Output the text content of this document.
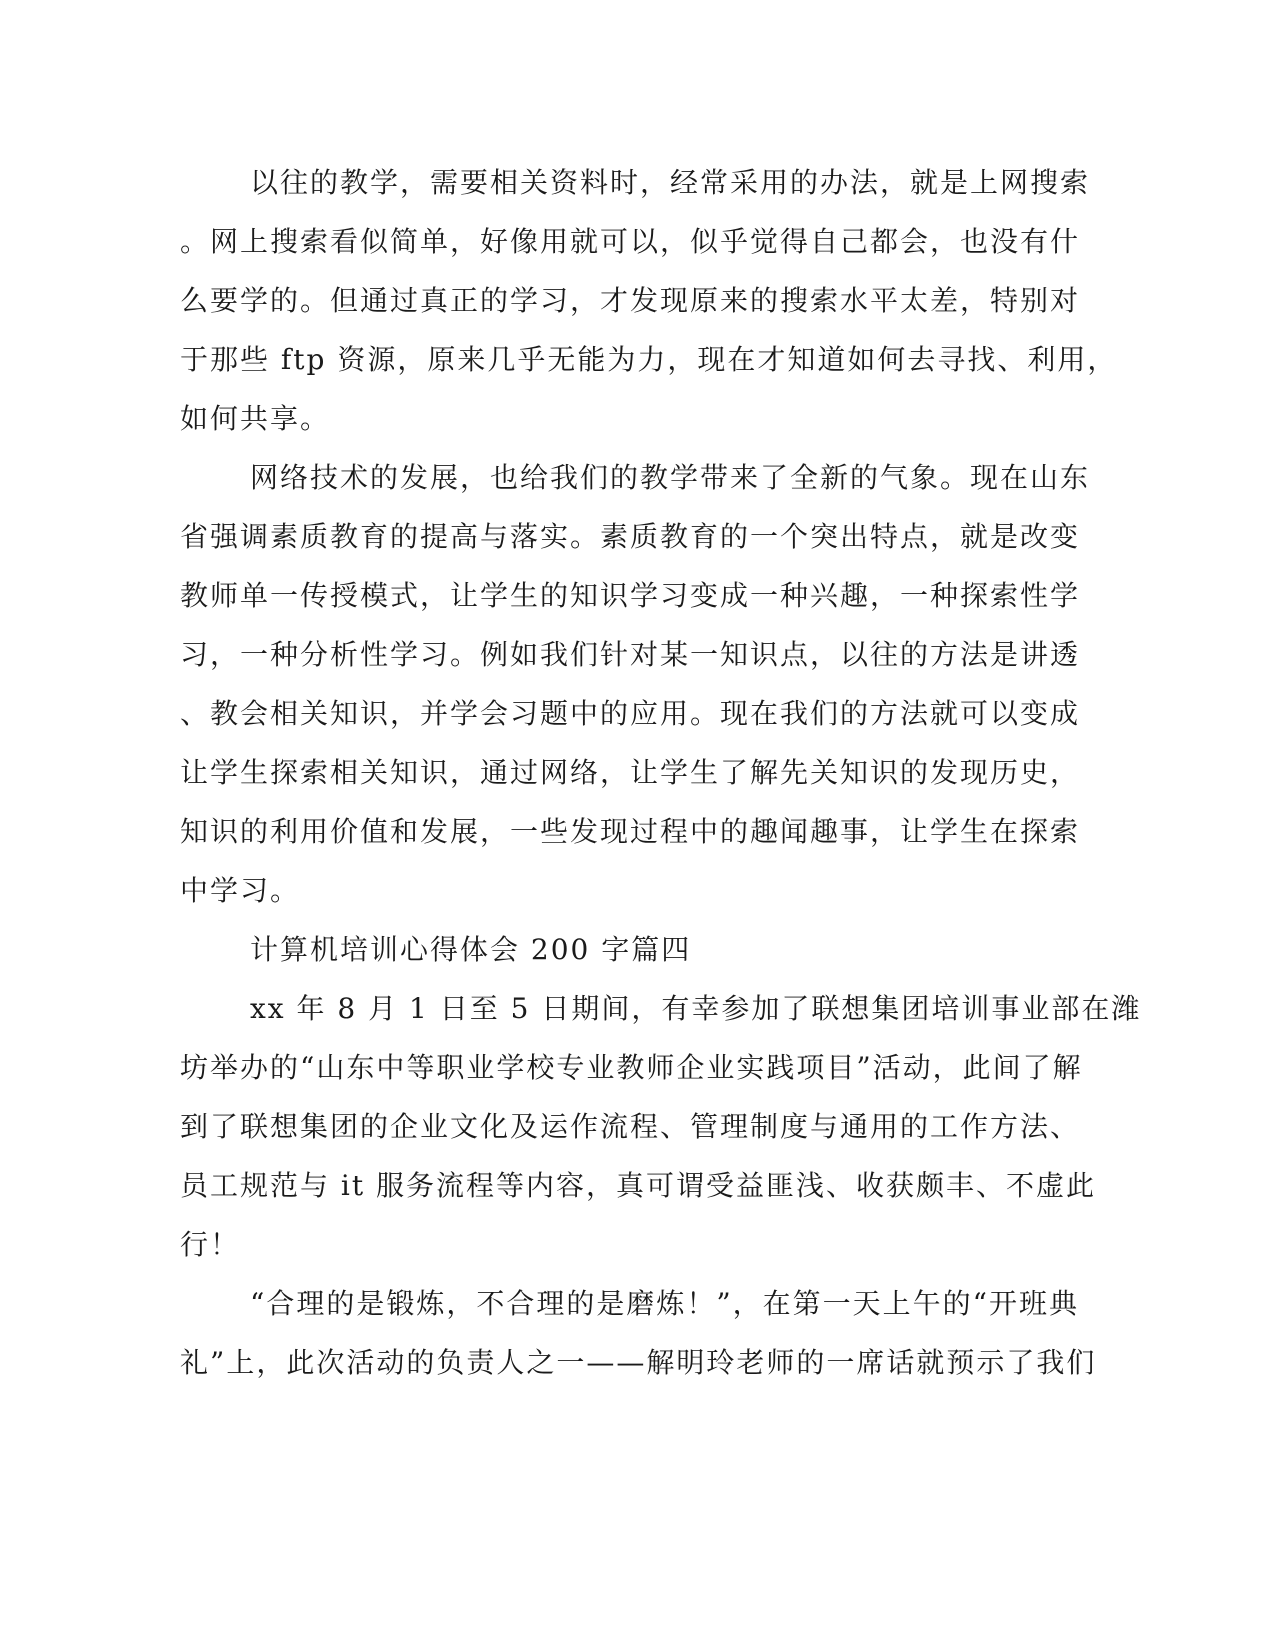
以往的教学，需要相关资料时，经常采用的办法，就是上网搜索
。网上搜索看似简单，好像用就可以，似乎觉得自己都会，也没有什
么要学的。但通过真正的学习，才发现原来的搜索水平太差，特别对
于那些 ftp 资源，原来几乎无能为力，现在才知道如何去寻找、利用，
如何共享。
网络技术的发展，也给我们的教学带来了全新的气象。现在山东
省强调素质教育的提高与落实。素质教育的一个突出特点，就是改变
教师单一传授模式，让学生的知识学习变成一种兴趣，一种探索性学
习，一种分析性学习。例如我们针对某一知识点，以往的方法是讲透
、教会相关知识，并学会习题中的应用。现在我们的方法就可以变成
让学生探索相关知识，通过网络，让学生了解先关知识的发现历史，
知识的利用价值和发展，一些发现过程中的趣闻趣事，让学生在探索
中学习。
计算机培训心得体会 200 字篇四
xx 年 8 月 1 日至 5 日期间，有幸参加了联想集团培训事业部在潍
坊举办的“山东中等职业学校专业教师企业实践项目”活动，此间了解
到了联想集团的企业文化及运作流程、管理制度与通用的工作方法、
员工规范与 it 服务流程等内容，真可谓受益匪浅、收获颇丰、不虚此
行！
“合理的是锻炼，不合理的是磨炼！”，在第一天上午的“开班典
礼”上，此次活动的负责人之一——解明玲老师的一席话就预示了我们
